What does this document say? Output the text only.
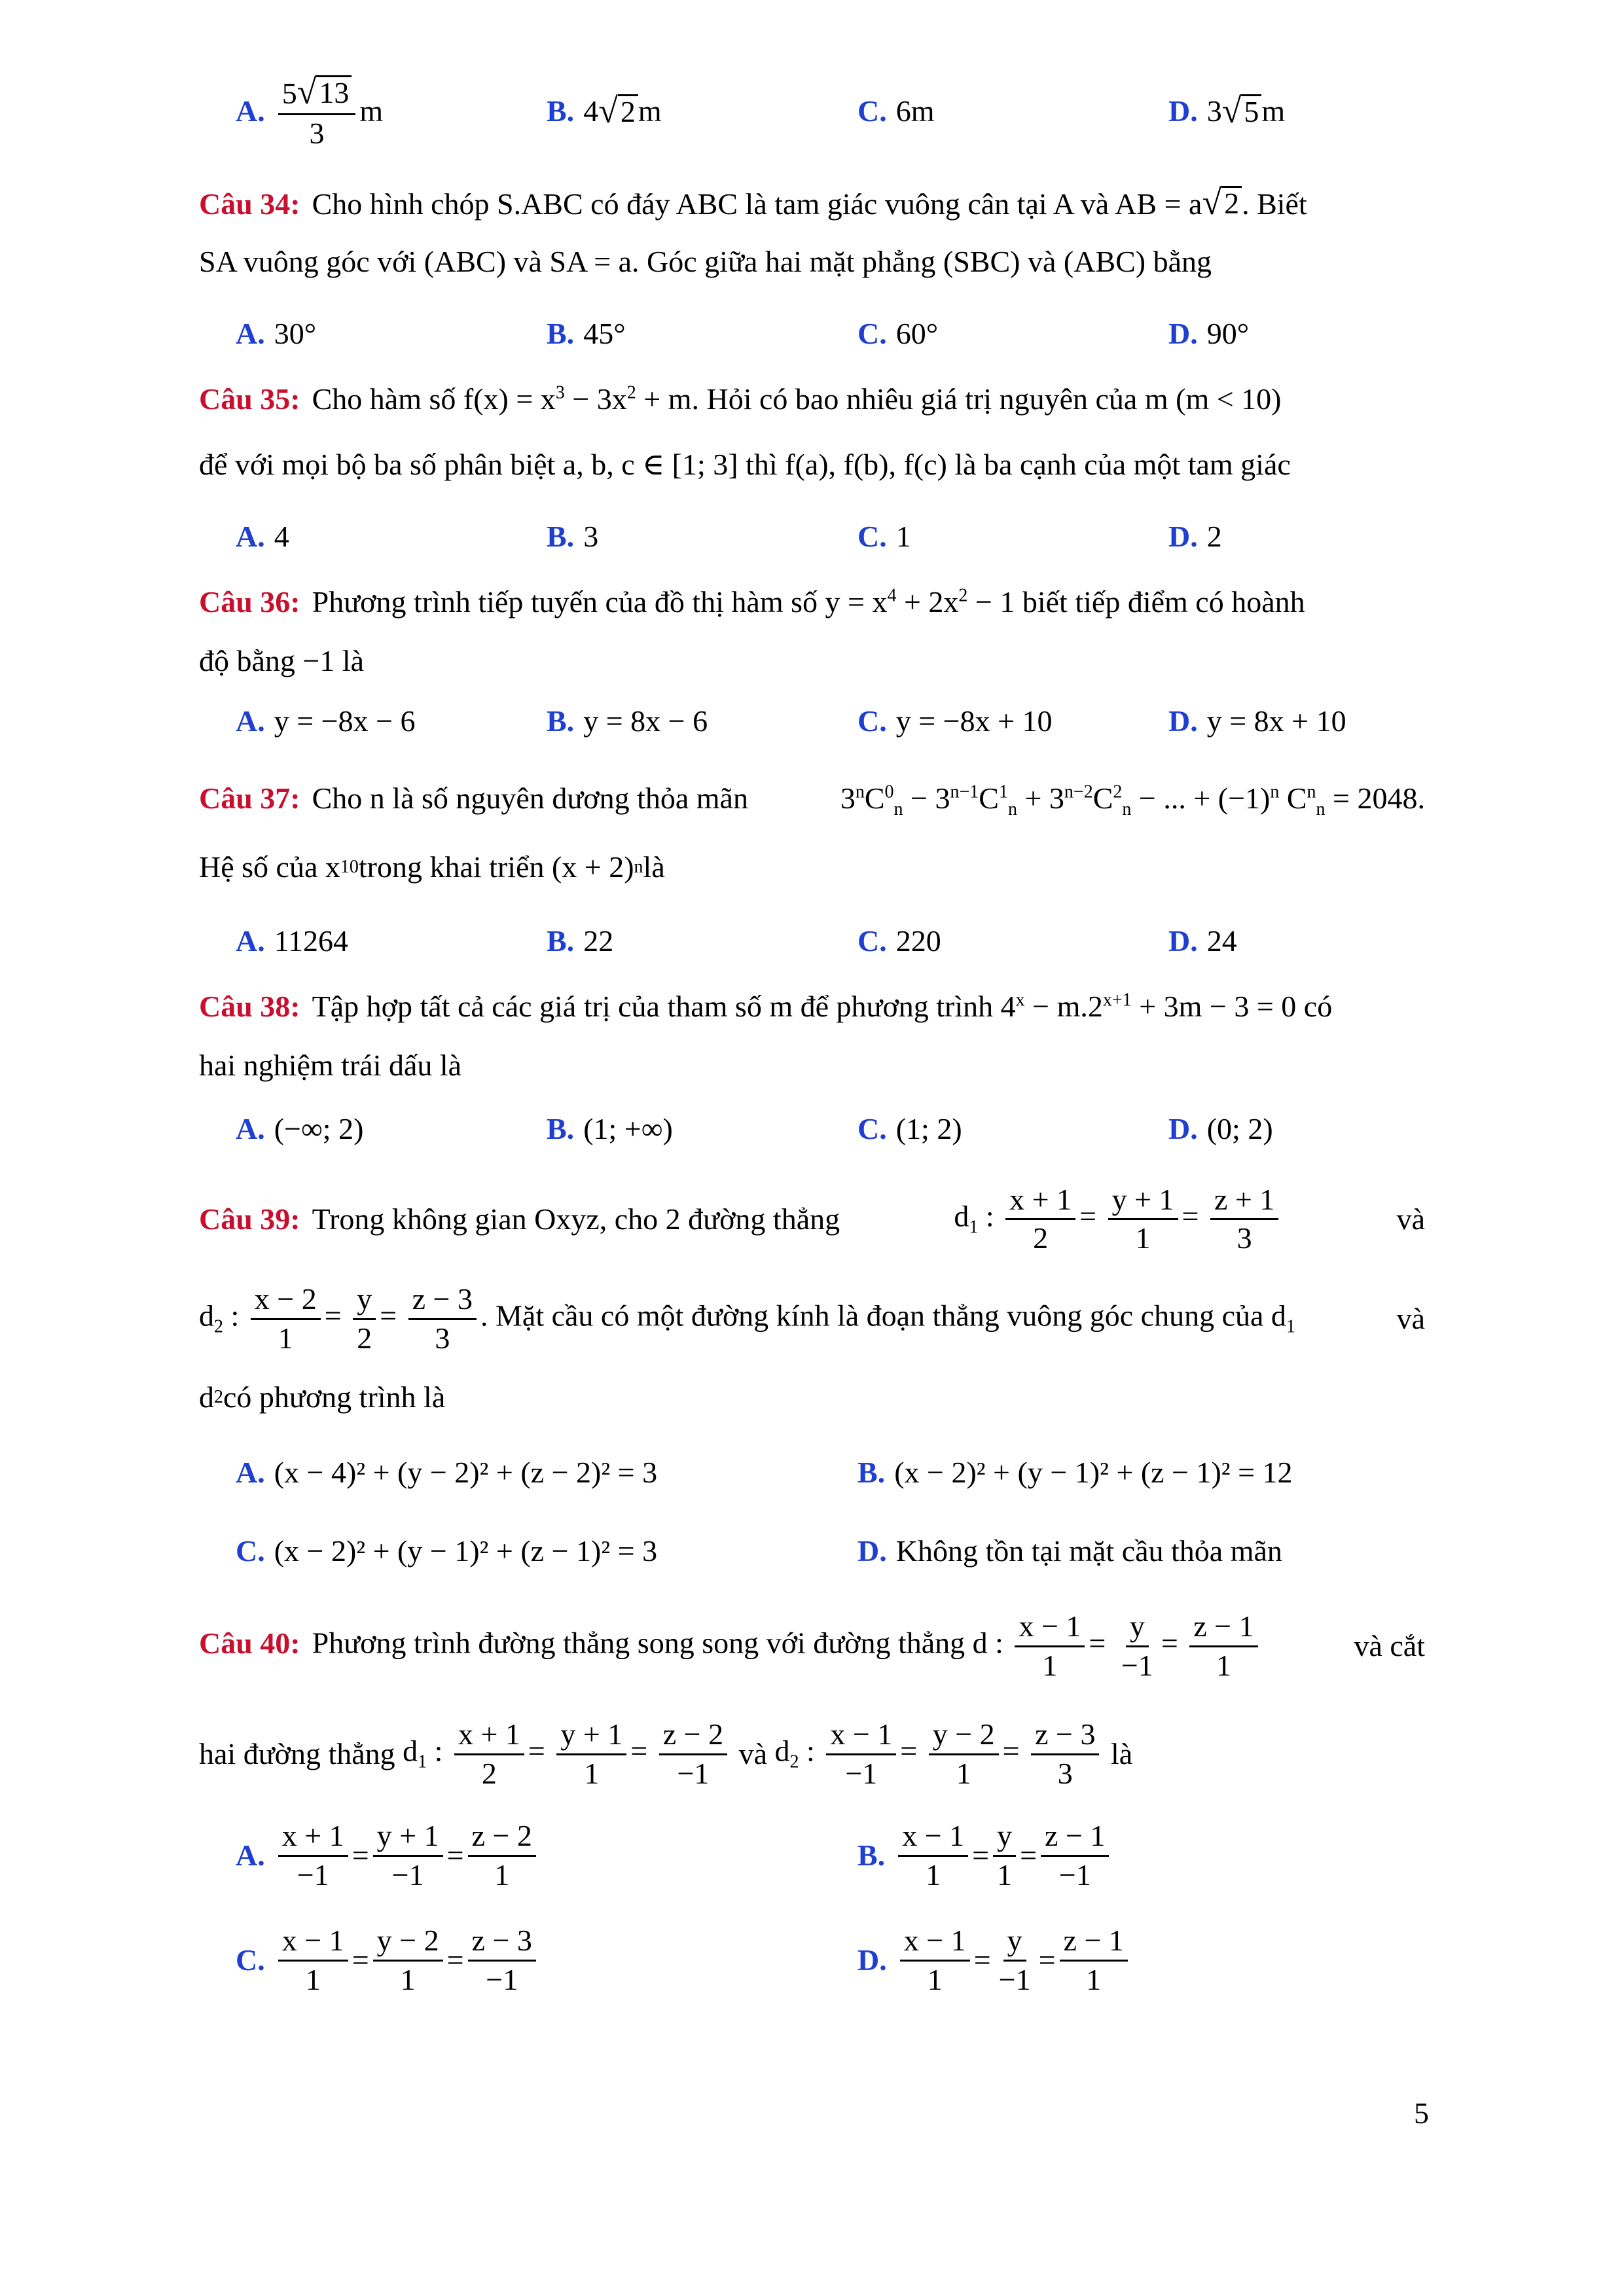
A. $\frac{5 √ 13}{3}$ m	B. 4 √ 2 m	C. 6m	D. 3 √ 5 m
Câu 34: Cho hình chóp S.ABC có đáy ABC là tam giác vuông cân tại A và AB = a √ 2 . Biết
SA vuông góc với (ABC) và SA = a. Góc giữa hai mặt phẳng (SBC) và (ABC) bằng
A. 30°	B. 45°	C. 60°	D. 90°
Câu 35: Cho hàm số $f(x) = x^3 - 3x^2 + m$. Hỏi có bao nhiêu giá trị nguyên của m (m < 10)
để với mọi bộ ba số phân biệt a, b, c ∈ [1; 3] thì f(a), f(b), f(c) là ba cạnh của một tam giác
A. 4	B. 3	C. 1	D. 2
Câu 36: Phương trình tiếp tuyến của đồ thị hàm số $y = x^4 + 2x^2 - 1$ biết tiếp điểm có hoành
độ bằng −1 là
A. y = −8x − 6	B. y = 8x − 6	C. y = −8x + 10	D. y = 8x + 10
Câu 37: Cho n là số nguyên dương thỏa mãn	$3^nC^0_n - 3^{n-1}C^1_n + 3^{n-2}C^2_n$ − ... + $(-1)^n$ $C^n_n = 2048$.
Hệ số của x 10 trong khai triển (x + 2) n là
A. 11264	B. 22	C. 220	D. 24
Câu 38: Tập hợp tất cả các giá trị của tham số m để phương trình $4^x - m.2^{x+1} + 3m - 3 = 0$ có
hai nghiệm trái dấu là
A. (−∞; 2)	B. (1; +∞)	C. (1; 2)	D. (0; 2)
Câu 39: Trong không gian Oxyz, cho 2 đường thẳng	$d_1$ : $\frac{x + 1}{2} = \frac{y + 1}{1} = \frac{z + 1}{3}$	và
$d_2$ : $\frac{x - 2}{1} = \frac{y}{2} = \frac{z - 3}{3}$ . Mặt cầu có một đường kính là đoạn thẳng vuông góc chung của $d_1$	và
d 2 có phương trình là
A. (x − 4)² + (y − 2)² + (z − 2)² = 3	B. (x − 2)² + (y − 1)² + (z − 1)² = 12
C. (x − 2)² + (y − 1)² + (z − 1)² = 3	D. Không tồn tại mặt cầu thỏa mãn
Câu 40: Phương trình đường thẳng song song với đường thẳng d : $\frac{x - 1}{1} = \frac{y}{-1} = \frac{z - 1}{1}$	và cắt
hai đường thẳng
$d_1$ : $\frac{x + 1}{2} = \frac{y + 1}{1} = \frac{z - 2}{-1}$
và
$d_2$ : $\frac{x - 1}{-1} = \frac{y - 2}{1} = \frac{z - 3}{3}$
là
A. $\frac{x + 1}{-1} = \frac{y + 1}{-1} = \frac{z - 2}{1}$	B. $\frac{x - 1}{1} = \frac{y}{1} = \frac{z - 1}{-1}$
C. $\frac{x - 1}{1} = \frac{y - 2}{1} = \frac{z - 3}{-1}$	D. $\frac{x - 1}{1} = \frac{y}{-1} = \frac{z - 1}{1}$
5
